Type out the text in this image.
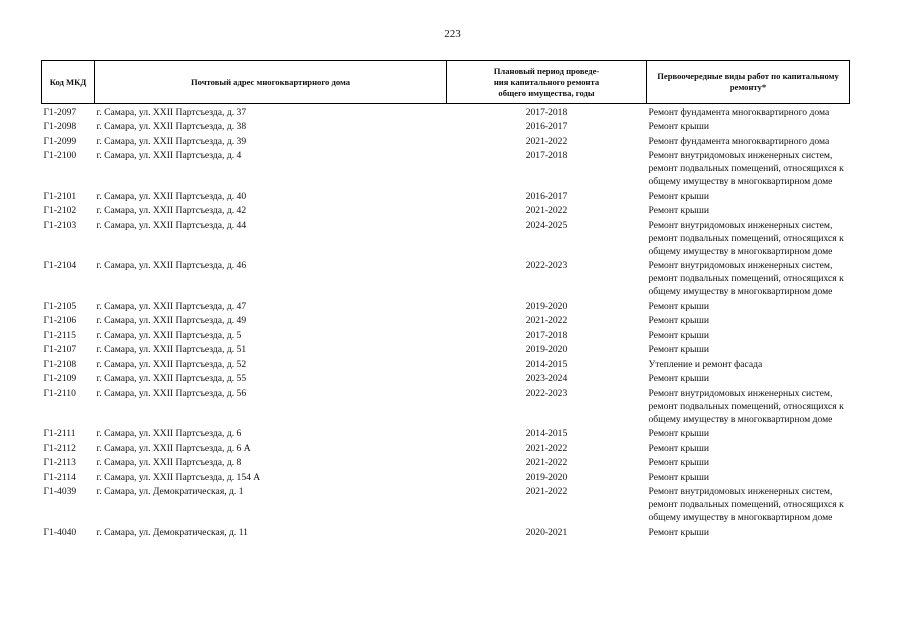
223
Код МКД	Почтовый адрес многоквартирного дома	Плановый период проведе-
ния капитального ремонта
общего имущества, годы	Первоочередные виды работ по капитальному
ремонту*

Г1-2097	г. Самара, ул. XXII Партсъезда, д. 37	2017-2018	Ремонт фундамента многоквартирного дома

Г1-2098	г. Самара, ул. XXII Партсъезда, д. 38	2016-2017	Ремонт крыши

Г1-2099	г. Самара, ул. XXII Партсъезда, д. 39	2021-2022	Ремонт фундамента многоквартирного дома

Г1-2100	г. Самара, ул. XXII Партсъезда, д. 4	2017-2018	Ремонт внутридомовых инженерных систем,
ремонт подвальных помещений, относящихся к
общему имуществу в многоквартирном доме

Г1-2101	г. Самара, ул. XXII Партсъезда, д. 40	2016-2017	Ремонт крыши

Г1-2102	г. Самара, ул. XXII Партсъезда, д. 42	2021-2022	Ремонт крыши

Г1-2103	г. Самара, ул. XXII Партсъезда, д. 44	2024-2025	Ремонт внутридомовых инженерных систем,
ремонт подвальных помещений, относящихся к
общему имуществу в многоквартирном доме

Г1-2104	г. Самара, ул. XXII Партсъезда, д. 46	2022-2023	Ремонт внутридомовых инженерных систем,
ремонт подвальных помещений, относящихся к
общему имуществу в многоквартирном доме

Г1-2105	г. Самара, ул. XXII Партсъезда, д. 47	2019-2020	Ремонт крыши

Г1-2106	г. Самара, ул. XXII Партсъезда, д. 49	2021-2022	Ремонт крыши

Г1-2115	г. Самара, ул. XXII Партсъезда, д. 5	2017-2018	Ремонт крыши

Г1-2107	г. Самара, ул. XXII Партсъезда, д. 51	2019-2020	Ремонт крыши

Г1-2108	г. Самара, ул. XXII Партсъезда, д. 52	2014-2015	Утепление и ремонт фасада

Г1-2109	г. Самара, ул. XXII Партсъезда, д. 55	2023-2024	Ремонт крыши

Г1-2110	г. Самара, ул. XXII Партсъезда, д. 56	2022-2023	Ремонт внутридомовых инженерных систем,
ремонт подвальных помещений, относящихся к
общему имуществу в многоквартирном доме

Г1-2111	г. Самара, ул. XXII Партсъезда, д. 6	2014-2015	Ремонт крыши

Г1-2112	г. Самара, ул. XXII Партсъезда, д. 6 А	2021-2022	Ремонт крыши

Г1-2113	г. Самара, ул. XXII Партсъезда, д. 8	2021-2022	Ремонт крыши

Г1-2114	г. Самара, ул. XXII Партсъезда, д. 154 А	2019-2020	Ремонт крыши

Г1-4039	г. Самара, ул. Демократическая, д. 1	2021-2022	Ремонт внутридомовых инженерных систем,
ремонт подвальных помещений, относящихся к
общему имуществу в многоквартирном доме

Г1-4040	г. Самара, ул. Демократическая, д. 11	2020-2021	Ремонт крыши
